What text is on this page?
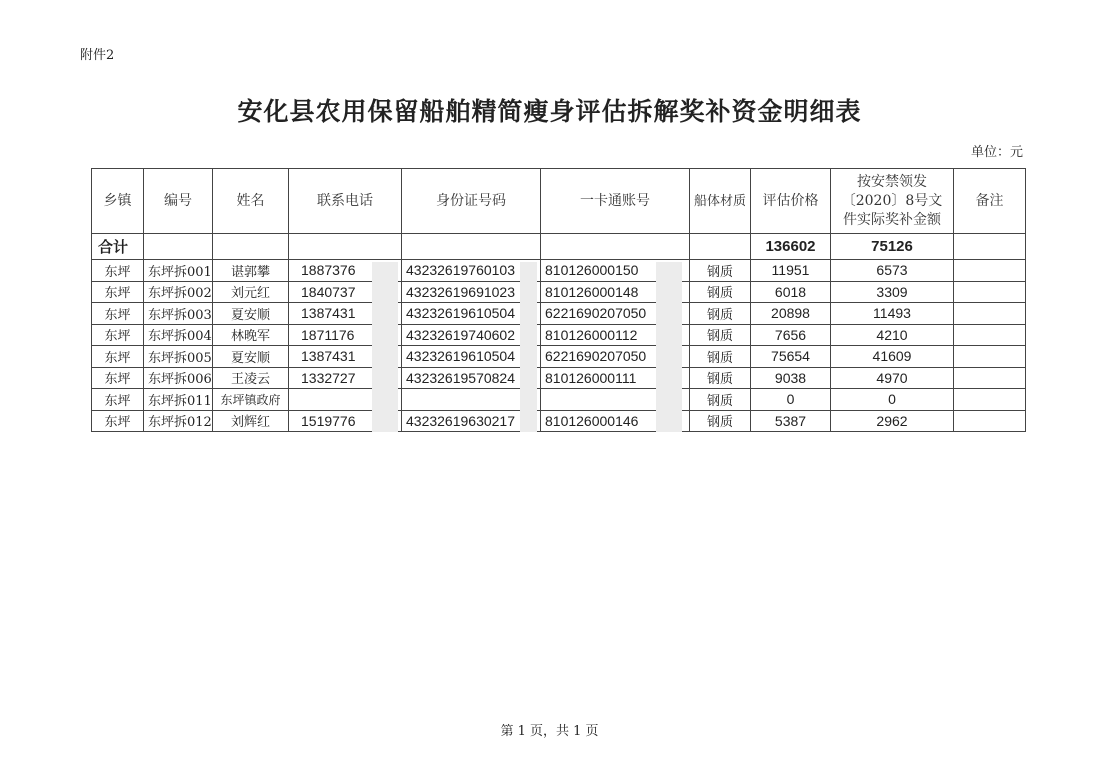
附件2
安化县农用保留船舶精简瘦身评估拆解奖补资金明细表
单位：元
乡镇	编号	姓名	联系电话	身份证号码	一卡通账号	船体材质	评估价格	按安禁领发〔2020〕8号文件实际奖补金额	备注
合计							136602	75126	
东坪	东坪拆001	谌郭攀	1887376	43232619760103	810126000150	钢质	11951	6573	
东坪	东坪拆002	刘元红	1840737	43232619691023	810126000148	钢质	6018	3309	
东坪	东坪拆003	夏安顺	1387431	43232619610504	6221690207050	钢质	20898	11493	
东坪	东坪拆004	林晚军	1871176	43232619740602	810126000112	钢质	7656	4210	
东坪	东坪拆005	夏安顺	1387431	43232619610504	6221690207050	钢质	75654	41609	
东坪	东坪拆006	王凌云	1332727	43232619570824	810126000111	钢质	9038	4970	
东坪	东坪拆011	东坪镇政府				钢质	0	0	
东坪	东坪拆012	刘辉红	1519776	43232619630217	810126000146	钢质	5387	2962	
第 1 页，共 1 页
